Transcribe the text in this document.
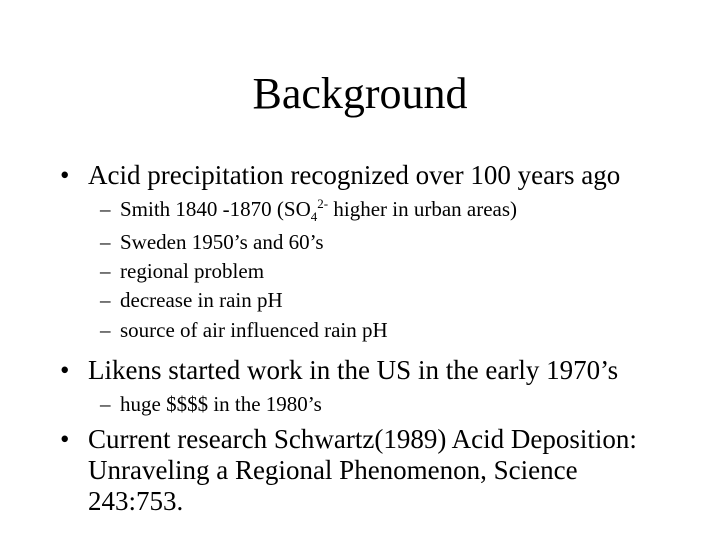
Background
• Acid precipitation recognized over 100 years ago
– Smith 1840 -1870 ($SO_4^{2-}$ higher in urban areas)
– Sweden 1950’s and 60’s
– regional problem
– decrease in rain pH
– source of air influenced rain pH
• Likens started work in the US in the early 1970’s
– huge $$$$ in the 1980’s
• Current research Schwartz(1989) Acid Deposition:
Unraveling a Regional Phenomenon, Science
243:753.
